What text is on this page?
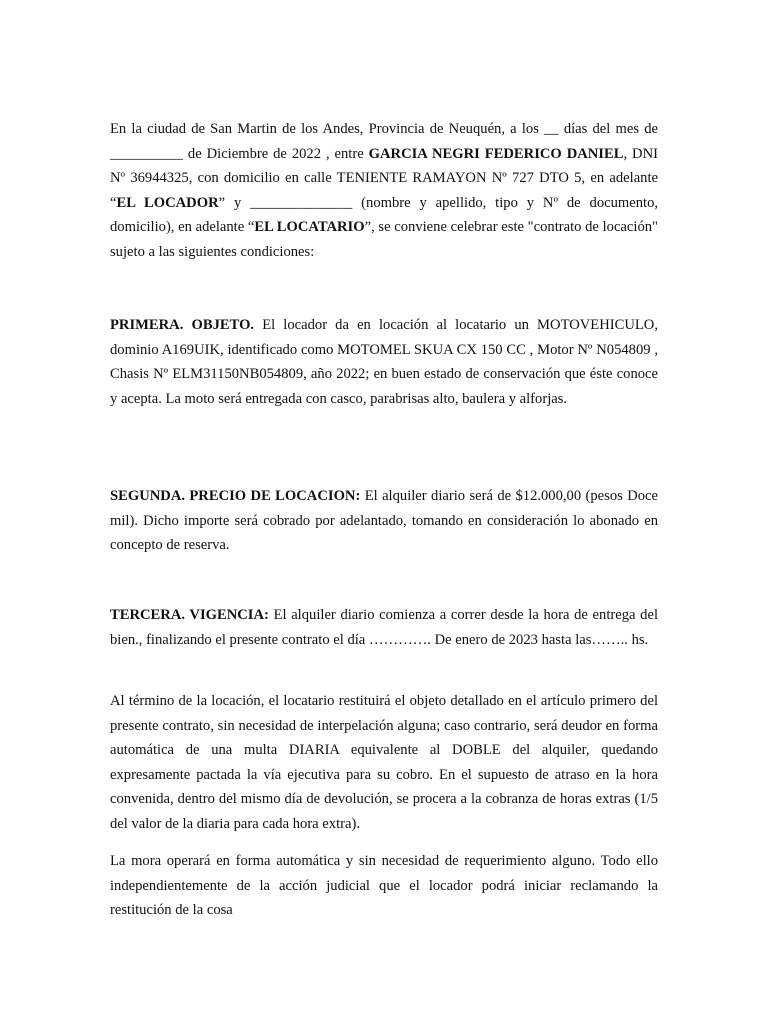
En la ciudad de San Martin de los Andes, Provincia de Neuquén, a los __ días del mes de __________ de Diciembre de 2022 , entre GARCIA NEGRI FEDERICO DANIEL, DNI Nº 36944325, con domicilio en calle TENIENTE RAMAYON Nº 727 DTO 5, en adelante “EL LOCADOR” y ______________ (nombre y apellido, tipo y Nº de documento, domicilio), en adelante “EL LOCATARIO”, se conviene celebrar este "contrato de locación" sujeto a las siguientes condiciones:

PRIMERA. OBJETO. El locador da en locación al locatario un MOTOVEHICULO, dominio A169UIK, identificado como MOTOMEL SKUA CX 150 CC , Motor Nº N054809 , Chasis Nº ELM31150NB054809, año 2022; en buen estado de conservación que éste conoce y acepta. La moto será entregada con casco, parabrisas alto, baulera y alforjas.

SEGUNDA. PRECIO DE LOCACION: El alquiler diario será de $12.000,00 (pesos Doce mil). Dicho importe será cobrado por adelantado, tomando en consideración lo abonado en concepto de reserva.

TERCERA. VIGENCIA: El alquiler diario comienza a correr desde la hora de entrega del bien., finalizando el presente contrato el día …………. De enero de 2023 hasta las…….. hs.

Al término de la locación, el locatario restituirá el objeto detallado en el artículo primero del presente contrato, sin necesidad de interpelación alguna; caso contrario, será deudor en forma automática de una multa DIARIA equivalente al DOBLE del alquiler, quedando expresamente pactada la vía ejecutiva para su cobro. En el supuesto de atraso en la hora convenida, dentro del mismo día de devolución, se procera a la cobranza de horas extras (1/5 del valor de la diaria para cada hora extra).

La mora operará en forma automática y sin necesidad de requerimiento alguno. Todo ello independientemente de la acción judicial que el locador podrá iniciar reclamando la restitución de la cosa
